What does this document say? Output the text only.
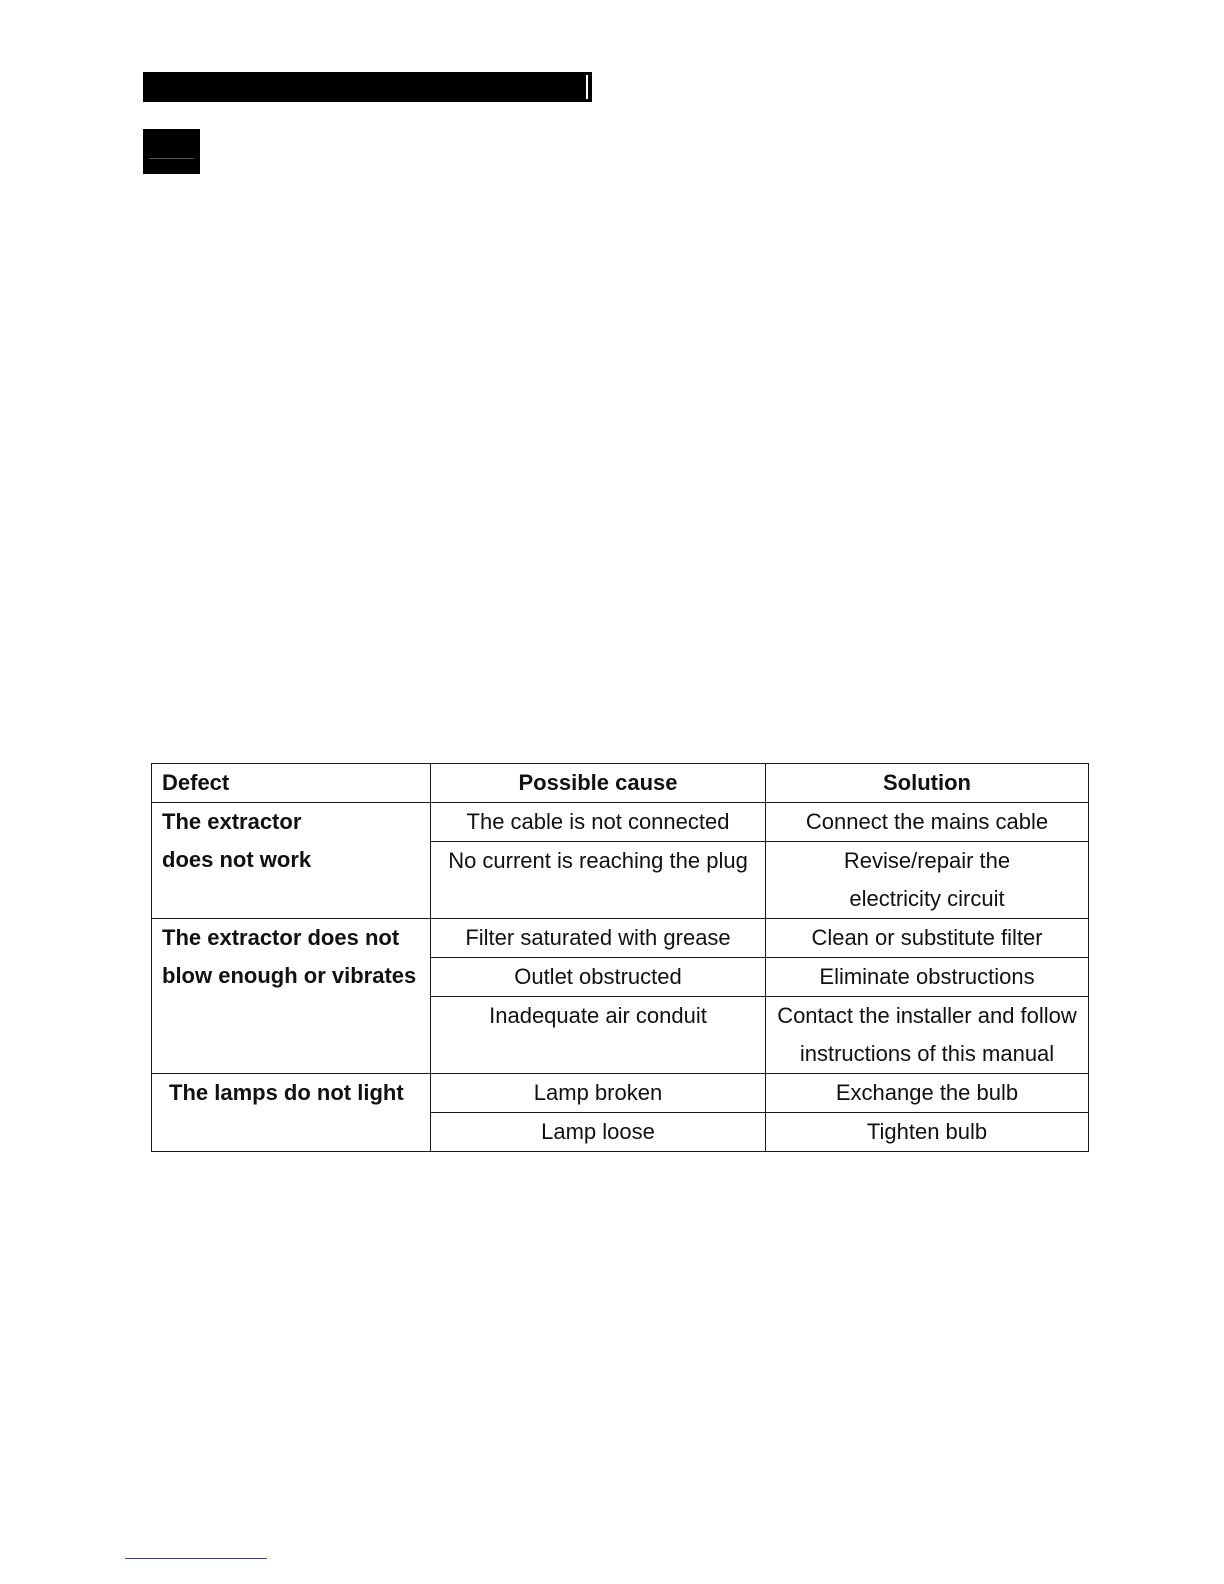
Defect	Possible cause	Solution

The extractor
does not work	The cable is not connected	Connect the mains cable
	No current is reaching the plug	Revise/repair the electricity circuit

The extractor does not
blow enough or vibrates	Filter saturated with grease	Clean or substitute filter
	Outlet obstructed	Eliminate obstructions
	Inadequate air conduit	Contact the installer and follow instructions of this manual

The lamps do not light	Lamp broken	Exchange the bulb
	Lamp loose	Tighten bulb
